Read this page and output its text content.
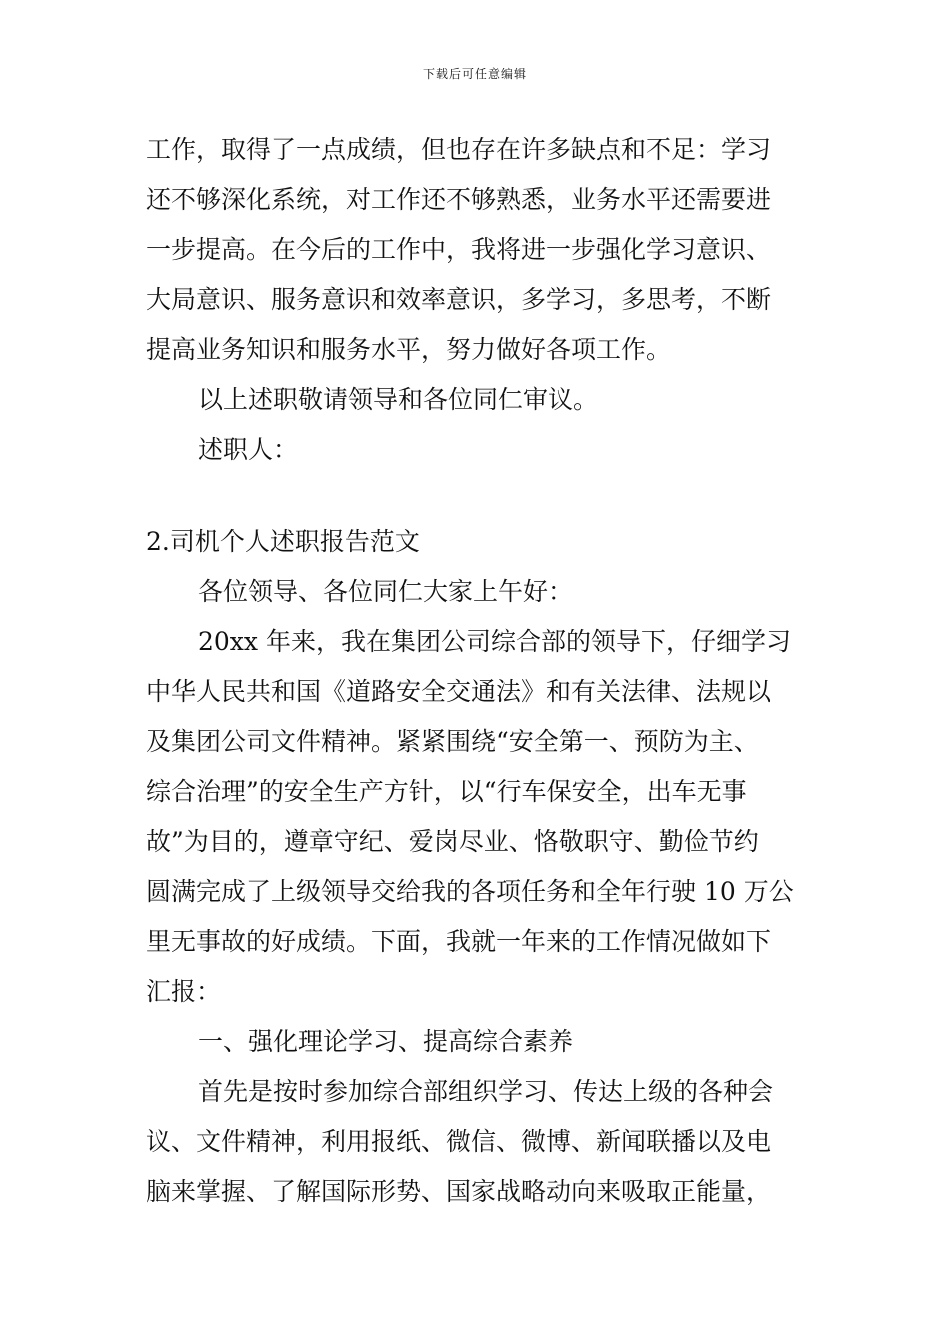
下载后可任意编辑
工作，取得了一点成绩，但也存在许多缺点和不足：学习
还不够深化系统，对工作还不够熟悉，业务水平还需要进
一步提高。在今后的工作中，我将进一步强化学习意识、
大局意识、服务意识和效率意识，多学习，多思考，不断
提高业务知识和服务水平，努力做好各项工作。
以上述职敬请领导和各位同仁审议。
述职人：
2.司机个人述职报告范文
各位领导、各位同仁大家上午好：
20xx 年来，我在集团公司综合部的领导下，仔细学习
中华人民共和国《道路安全交通法》和有关法律、法规以
及集团公司文件精神。紧紧围绕“安全第一、预防为主、
综合治理”的安全生产方针，以“行车保安全，出车无事
故”为目的，遵章守纪、爱岗尽业、恪敬职守、勤俭节约
圆满完成了上级领导交给我的各项任务和全年行驶 10 万公
里无事故的好成绩。下面，我就一年来的工作情况做如下
汇报：
一、强化理论学习、提高综合素养
首先是按时参加综合部组织学习、传达上级的各种会
议、文件精神，利用报纸、微信、微博、新闻联播以及电
脑来掌握、了解国际形势、国家战略动向来吸取正能量，
